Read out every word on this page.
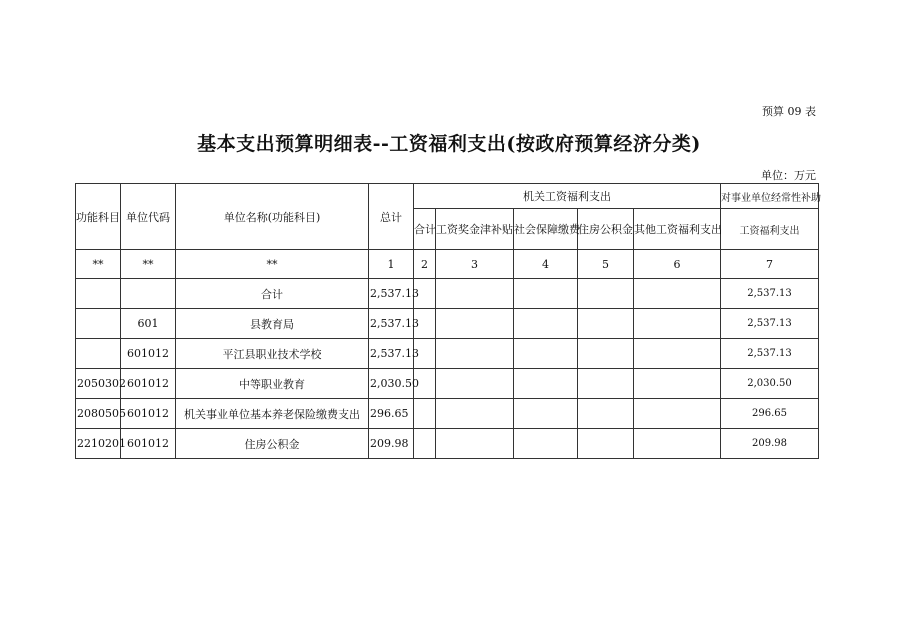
预算 09 表
基本支出预算明细表--工资福利支出(按政府预算经济分类)
单位：万元
功能科目	单位代码	单位名称(功能科目)	总计	机关工资福利支出					对事业单位经常性补助
				合计	工资奖金津补贴	社会保障缴费	住房公积金	其他工资福利支出	工资福利支出
**	**	**	1	2	3	4	5	6	7
		合计	2,537.13						2,537.13
	601	县教育局	2,537.13						2,537.13
	601012	平江县职业技术学校	2,537.13						2,537.13
2050302	601012	中等职业教育	2,030.50						2,030.50
2080505	601012	机关事业单位基本养老保险缴费支出	296.65						296.65
2210201	601012	住房公积金	209.98						209.98
